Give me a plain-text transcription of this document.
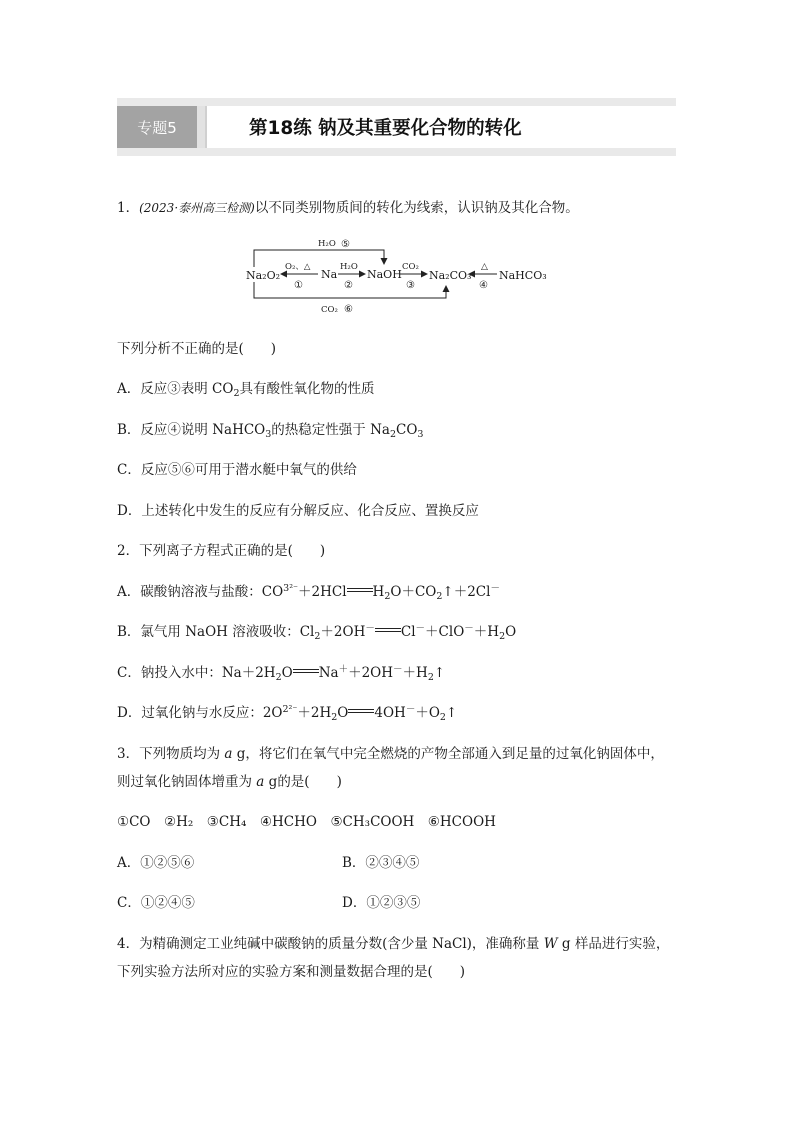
专题5	第18练 钠及其重要化合物的转化
1．(2023·泰州高三检测)以不同类别物质间的转化为线索，认识钠及其化合物。
Na₂O₂	Na	NaOH Na₂CO₃	NaHCO₃
O₂、△
①
H₂O
②
CO₂
③
△
④
H₂O ⑤
CO₂ ⑥
下列分析不正确的是(　　)
A．反应③表明 $CO_2$具有酸性氧化物的性质
B．反应④说明 NaHCO$_3$的热稳定性强于 $Na_2CO_3$
C．反应⑤⑥可用于潜水艇中氧气的供给
D．上述转化中发生的反应有分解反应、化合反应、置换反应
2．下列离子方程式正确的是(　　)
A．碳酸钠溶液与盐酸：$CO^{3^{2-}}+2HCl$ $H_2O+CO_2↑+2Cl^-$
B．氯气用 NaOH 溶液吸收：$Cl_2+2OH^-$ $Cl^-+ClO^-+H_2O$
C．钠投入水中：$Na+2H_2O$ $Na^++2OH^-+H_2↑$
D．过氧化钠与水反应：$2O^{2^{2-}}+2H_2O$ $4OH^-+O_2↑$
3．下列物质均为 a g，将它们在氧气中完全燃烧的产物全部通入到足量的过氧化钠固体中，
则过氧化钠固体增重为 a g的是(　　)
①CO　②H₂　③CH₄　④HCHO　⑤CH₃COOH　⑥HCOOH
A．①②⑤⑥	B．②③④⑤
C．①②④⑤	D．①②③⑤
4．为精确测定工业纯碱中碳酸钠的质量分数(含少量 NaCl)，准确称量 W g 样品进行实验，
下列实验方法所对应的实验方案和测量数据合理的是(　　)
